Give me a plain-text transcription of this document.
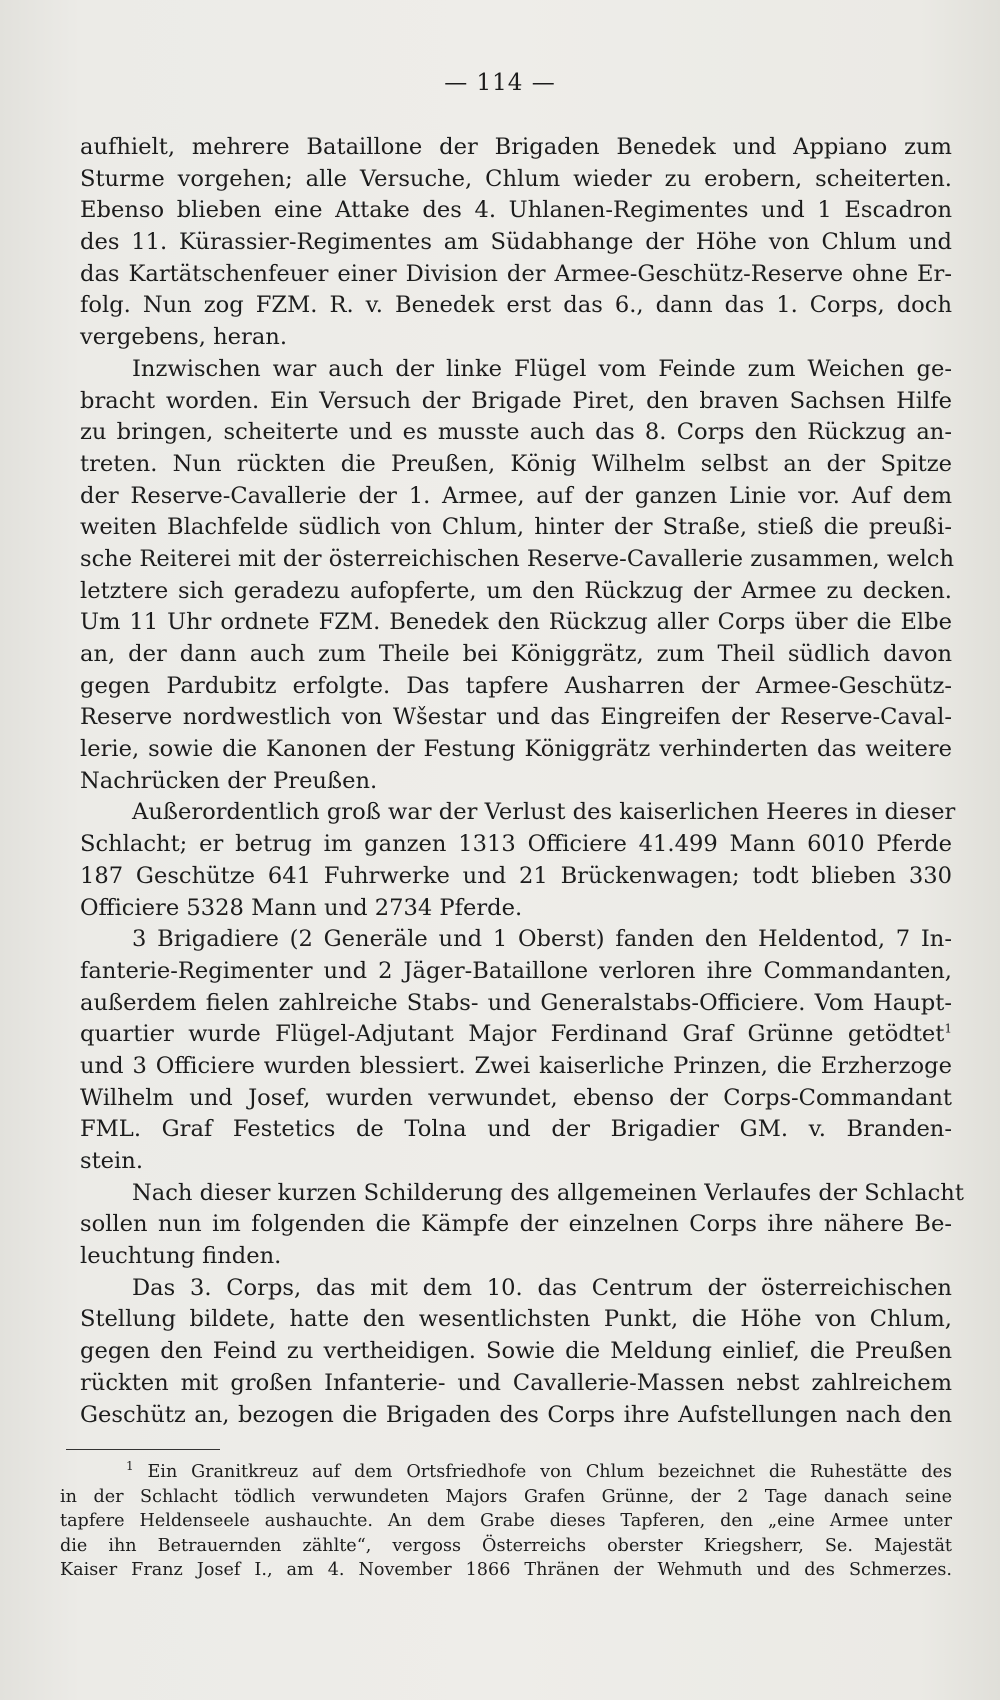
— 114 —
aufhielt, mehrere Bataillone der Brigaden Benedek und Appiano zum
Sturme vorgehen; alle Versuche, Chlum wieder zu erobern, scheiterten.
Ebenso blieben eine Attake des 4. Uhlanen-Regimentes und 1 Escadron
des 11. Kürassier-Regimentes am Südabhange der Höhe von Chlum und
das Kartätschenfeuer einer Division der Armee-Geschütz-Reserve ohne Er-
folg. Nun zog FZM. R. v. Benedek erst das 6., dann das 1. Corps, doch
vergebens, heran.
Inzwischen war auch der linke Flügel vom Feinde zum Weichen ge-
bracht worden. Ein Versuch der Brigade Piret, den braven Sachsen Hilfe
zu bringen, scheiterte und es musste auch das 8. Corps den Rückzug an-
treten. Nun rückten die Preußen, König Wilhelm selbst an der Spitze
der Reserve-Cavallerie der 1. Armee, auf der ganzen Linie vor. Auf dem
weiten Blachfelde südlich von Chlum, hinter der Straße, stieß die preußi-
sche Reiterei mit der österreichischen Reserve-Cavallerie zusammen, welch
letztere sich geradezu aufopferte, um den Rückzug der Armee zu decken.
Um 11 Uhr ordnete FZM. Benedek den Rückzug aller Corps über die Elbe
an, der dann auch zum Theile bei Königgrätz, zum Theil südlich davon
gegen Pardubitz erfolgte. Das tapfere Ausharren der Armee-Geschütz-
Reserve nordwestlich von Wšestar und das Eingreifen der Reserve-Caval-
lerie, sowie die Kanonen der Festung Königgrätz verhinderten das weitere
Nachrücken der Preußen.
Außerordentlich groß war der Verlust des kaiserlichen Heeres in dieser
Schlacht; er betrug im ganzen 1313 Officiere 41.499 Mann 6010 Pferde
187 Geschütze 641 Fuhrwerke und 21 Brückenwagen; todt blieben 330
Officiere 5328 Mann und 2734 Pferde.
3 Brigadiere (2 Generäle und 1 Oberst) fanden den Heldentod, 7 In-
fanterie-Regimenter und 2 Jäger-Bataillone verloren ihre Commandanten,
außerdem fielen zahlreiche Stabs- und Generalstabs-Officiere. Vom Haupt-
quartier wurde Flügel-Adjutant Major Ferdinand Graf Grünne getödtet$^1$
und 3 Officiere wurden blessiert. Zwei kaiserliche Prinzen, die Erzherzoge
Wilhelm und Josef, wurden verwundet, ebenso der Corps-Commandant
FML. Graf Festetics de Tolna und der Brigadier GM. v. Branden-
stein.
Nach dieser kurzen Schilderung des allgemeinen Verlaufes der Schlacht
sollen nun im folgenden die Kämpfe der einzelnen Corps ihre nähere Be-
leuchtung finden.
Das 3. Corps, das mit dem 10. das Centrum der österreichischen
Stellung bildete, hatte den wesentlichsten Punkt, die Höhe von Chlum,
gegen den Feind zu vertheidigen. Sowie die Meldung einlief, die Preußen
rückten mit großen Infanterie- und Cavallerie-Massen nebst zahlreichem
Geschütz an, bezogen die Brigaden des Corps ihre Aufstellungen nach den
$^1$ Ein Granitkreuz auf dem Ortsfriedhofe von Chlum bezeichnet die Ruhestätte des
in der Schlacht tödlich verwundeten Majors Grafen Grünne, der 2 Tage danach seine
tapfere Heldenseele aushauchte. An dem Grabe dieses Tapferen, den „eine Armee unter
die ihn Betrauernden zählte“, vergoss Österreichs oberster Kriegsherr, Se. Majestät
Kaiser Franz Josef I., am 4. November 1866 Thränen der Wehmuth und des Schmerzes.
